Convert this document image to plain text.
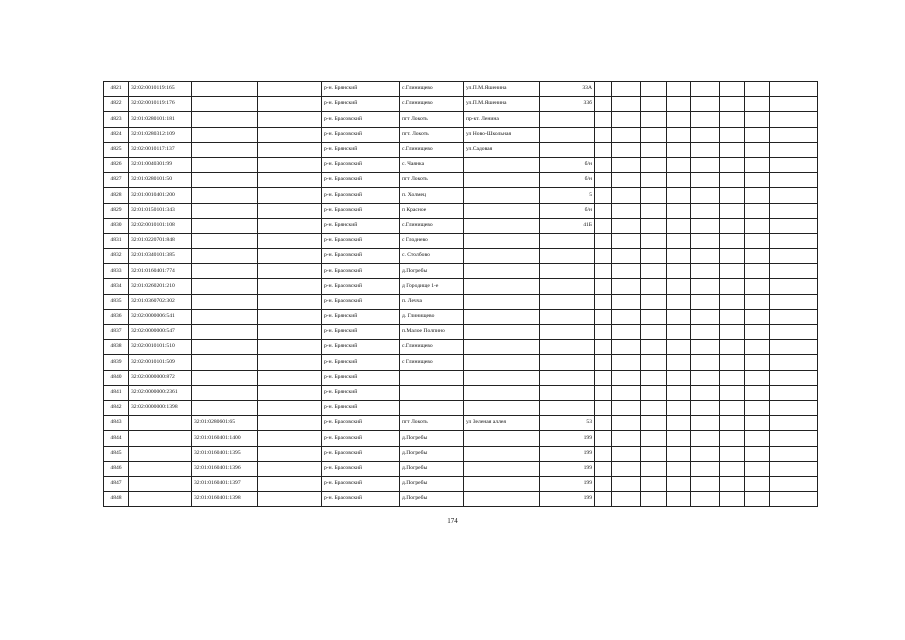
4821	32:02:0010119:165			р-н. Брянский	с.Глинищево	ул.П.М.Яшенина	33А								
4822	32:02:0010119:176			р-н. Брянский	с.Глинищево	ул.П.М.Яшенина	33б								
4823	32:01:0280101:181			р-н. Брасовский	пгт Локоть	пр-кт. Ленина									
4824	32:01:0280312:109			р-н. Брасовский	пгт. Локоть	ул Ново-Школьная									
4825	32:02:0010117:137			р-н. Брянский	с.Глинищево	ул.Садовая									
4826	32:01:0040301:99			р-н. Брасовский	с. Чаянка		б/н								
4827	32:01:0280101:50			р-н. Брасовский	пгт Локоть		б/н								
4828	32:01:0010401:200			р-н. Брасовский	п. Холмец		5								
4829	32:01:0150101:343			р-н. Брасовский	п Красное		б/н								
4830	32:02:0010101:108			р-н. Брянский	с.Глинищево		41Б								
4831	32:01:0220701:848			р-н. Брасовский	с Глоднево										
4832	32:01:0340101:385			р-н. Брасовский	с. Столбово										
4833	32:01:0160401:774			р-н. Брасовский	д.Погребы										
4834	32:01:0260201:210			р-н. Брасовский	д Городище 1-е										
4835	32:01:0360702:302			р-н. Брасовский	п. Лечча										
4836	32:02:0000006:541			р-н. Брянский	д. Глинищево										
4837	32:02:0000000:547			р-н. Брянский	п.Малое Полпино										
4838	32:02:0010101:510			р-н. Брянский	с.Глинищево										
4839	32:02:0010101:509			р-н. Брянский	с Глинищево										
4840	32:02:0000000:872			р-н. Брянский											
4841	32:02:0000000:2361			р-н. Брянский											
4842	32:02:0000000:1398			р-н. Брянский											
4843		32:01:0280601:65		р-н. Брасовский	пгт Локоть	ул Зеленая аллея	53								
4844		32:01:0160401:1400		р-н. Брасовский	д.Погребы		199								
4845		32:01:0160401:1395		р-н. Брасовский	д.Погребы		199								
4846		32:01:0160401:1396		р-н. Брасовский	д.Погребы		199								
4847		32:01:0160401:1397		р-н. Брасовский	д.Погребы		199								
4848		32:01:0160401:1398		р-н. Брасовский	д.Погребы		199								
174
